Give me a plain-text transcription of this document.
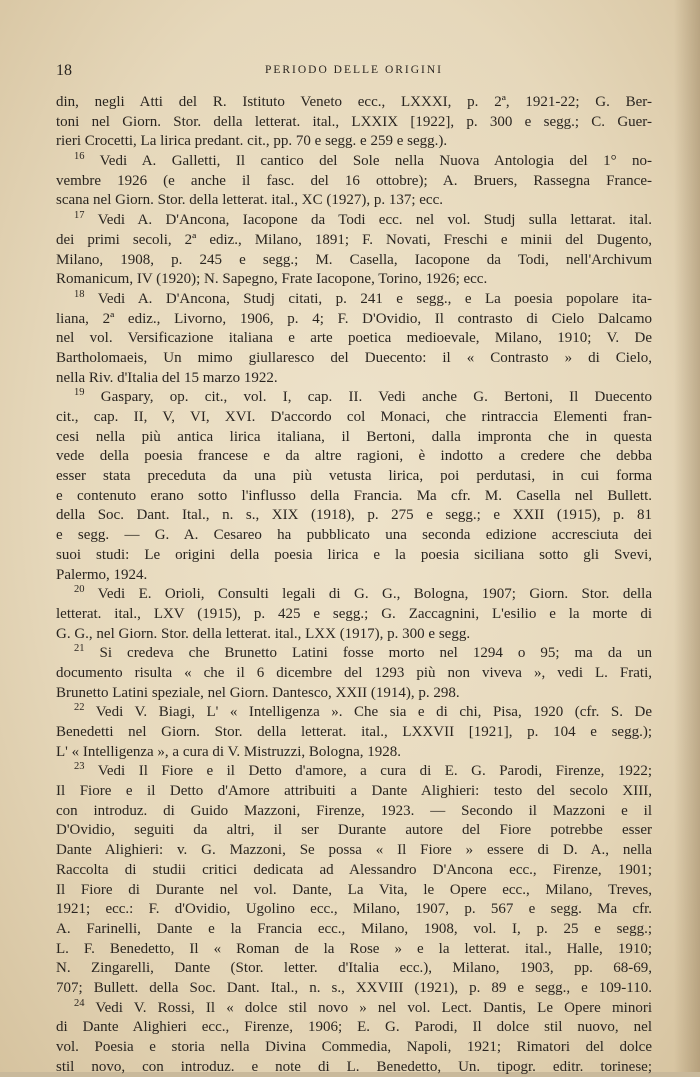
18	PERIODO DELLE ORIGINI
din, negli Atti del R. Istituto Veneto ecc., LXXXI, p. 2ª, 1921-22; G. Ber-
toni nel Giorn. Stor. della letterat. ital., LXXIX [1922], p. 300 e segg.; C. Guer-
rieri Crocetti, La lirica predant. cit., pp. 70 e segg. e 259 e segg.).
$^{16}$ Vedi A. Galletti, Il cantico del Sole nella Nuova Antologia del 1° no-
vembre 1926 (e anche il fasc. del 16 ottobre); A. Bruers, Rassegna France-
scana nel Giorn. Stor. della letterat. ital., XC (1927), p. 137; ecc.
$^{17}$ Vedi A. D'Ancona, Iacopone da Todi ecc. nel vol. Studj sulla lettarat. ital.
dei primi secoli, 2ª ediz., Milano, 1891; F. Novati, Freschi e minii del Dugento,
Milano, 1908, p. 245 e segg.; M. Casella, Iacopone da Todi, nell'Archivum
Romanicum, IV (1920); N. Sapegno, Frate Iacopone, Torino, 1926; ecc.
$^{18}$ Vedi A. D'Ancona, Studj citati, p. 241 e segg., e La poesia popolare ita-
liana, 2ª ediz., Livorno, 1906, p. 4; F. D'Ovidio, Il contrasto di Cielo Dalcamo
nel vol. Versificazione italiana e arte poetica medioevale, Milano, 1910; V. De
Bartholomaeis, Un mimo giullaresco del Duecento: il « Contrasto » di Cielo,
nella Riv. d'Italia del 15 marzo 1922.
$^{19}$ Gaspary, op. cit., vol. I, cap. II. Vedi anche G. Bertoni, Il Duecento
cit., cap. II, V, VI, XVI. D'accordo col Monaci, che rintraccia Elementi fran-
cesi nella più antica lirica italiana, il Bertoni, dalla impronta che in questa
vede della poesia francese e da altre ragioni, è indotto a credere che debba
esser stata preceduta da una più vetusta lirica, poi perdutasi, in cui forma
e contenuto erano sotto l'influsso della Francia. Ma cfr. M. Casella nel Bullett.
della Soc. Dant. Ital., n. s., XIX (1918), p. 275 e segg.; e XXII (1915), p. 81
e segg. — G. A. Cesareo ha pubblicato una seconda edizione accresciuta dei
suoi studi: Le origini della poesia lirica e la poesia siciliana sotto gli Svevi,
Palermo, 1924.
$^{20}$ Vedi E. Orioli, Consulti legali di G. G., Bologna, 1907; Giorn. Stor. della
letterat. ital., LXV (1915), p. 425 e segg.; G. Zaccagnini, L'esilio e la morte di
G. G., nel Giorn. Stor. della letterat. ital., LXX (1917), p. 300 e segg.
$^{21}$ Si credeva che Brunetto Latini fosse morto nel 1294 o 95; ma da un
documento risulta « che il 6 dicembre del 1293 più non viveva », vedi L. Frati,
Brunetto Latini speziale, nel Giorn. Dantesco, XXII (1914), p. 298.
$^{22}$ Vedi V. Biagi, L' « Intelligenza ». Che sia e di chi, Pisa, 1920 (cfr. S. De
Benedetti nel Giorn. Stor. della letterat. ital., LXXVII [1921], p. 104 e segg.);
L' « Intelligenza », a cura di V. Mistruzzi, Bologna, 1928.
$^{23}$ Vedi Il Fiore e il Detto d'amore, a cura di E. G. Parodi, Firenze, 1922;
Il Fiore e il Detto d'Amore attribuiti a Dante Alighieri: testo del secolo XIII,
con introduz. di Guido Mazzoni, Firenze, 1923. — Secondo il Mazzoni e il
D'Ovidio, seguiti da altri, il ser Durante autore del Fiore potrebbe esser
Dante Alighieri: v. G. Mazzoni, Se possa « Il Fiore » essere di D. A., nella
Raccolta di studii critici dedicata ad Alessandro D'Ancona ecc., Firenze, 1901;
Il Fiore di Durante nel vol. Dante, La Vita, le Opere ecc., Milano, Treves,
1921; ecc.: F. d'Ovidio, Ugolino ecc., Milano, 1907, p. 567 e segg. Ma cfr.
A. Farinelli, Dante e la Francia ecc., Milano, 1908, vol. I, p. 25 e segg.;
L. F. Benedetto, Il « Roman de la Rose » e la letterat. ital., Halle, 1910;
N. Zingarelli, Dante (Stor. letter. d'Italia ecc.), Milano, 1903, pp. 68-69,
707; Bullett. della Soc. Dant. Ital., n. s., XXVIII (1921), p. 89 e segg., e 109-110.
$^{24}$ Vedi V. Rossi, Il « dolce stil novo » nel vol. Lect. Dantis, Le Opere minori
di Dante Alighieri ecc., Firenze, 1906; E. G. Parodi, Il dolce stil nuovo, nel
vol. Poesia e storia nella Divina Commedia, Napoli, 1921; Rimatori del dolce
stil novo, con introduz. e note di L. Benedetto, Un. tipogr. editr. torinese;
